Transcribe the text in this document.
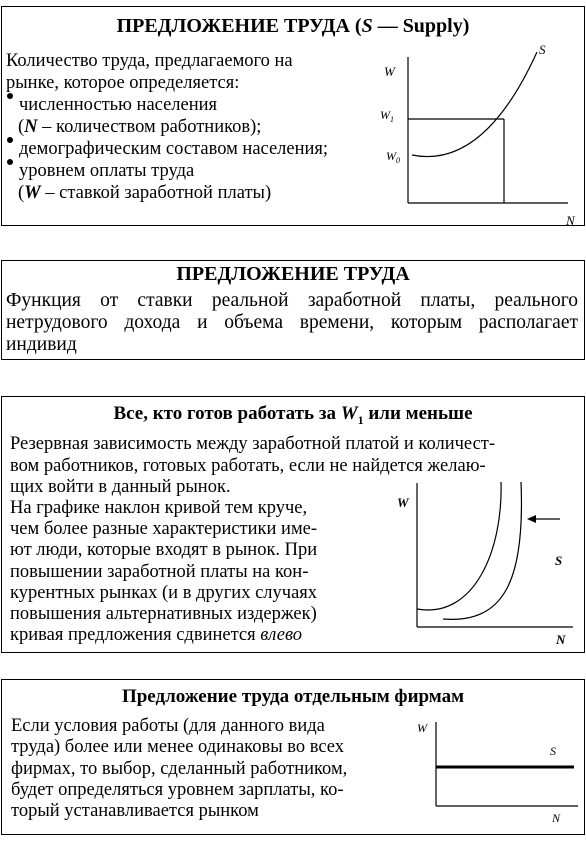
ПРЕДЛОЖЕНИЕ ТРУДА (S — Supply)
Количество труда, предлагаемого на
рынке, которое определяется:
численностью населения
(N – количеством работников);
демографическим составом населения;
уровнем оплаты труда
(W – ставкой заработной платы)
W
$W_1$
$W_0$
S
N
ПРЕДЛОЖЕНИЕ ТРУДА
Функция от ставки реальной заработной платы, реального
нетрудового дохода и объема времени, которым располагает
индивид
Все, кто готов работать за $W_1$ или меньше
Резервная зависимость между заработной платой и количест-
вом работников, готовых работать, если не найдется желаю-
щих войти в данный рынок.
На графике наклон кривой тем круче,
чем более разные характеристики име-
ют люди, которые входят в рынок. При
повышении заработной платы на кон-
курентных рынках (и в других случаях
повышения альтернативных издержек)
кривая предложения сдвинется влево
W
S
N
Предложение труда отдельным фирмам
Если условия работы (для данного вида
труда) более или менее одинаковы во всех
фирмах, то выбор, сделанный работником,
будет определяться уровнем зарплаты, ко-
торый устанавливается рынком
W
S
N
